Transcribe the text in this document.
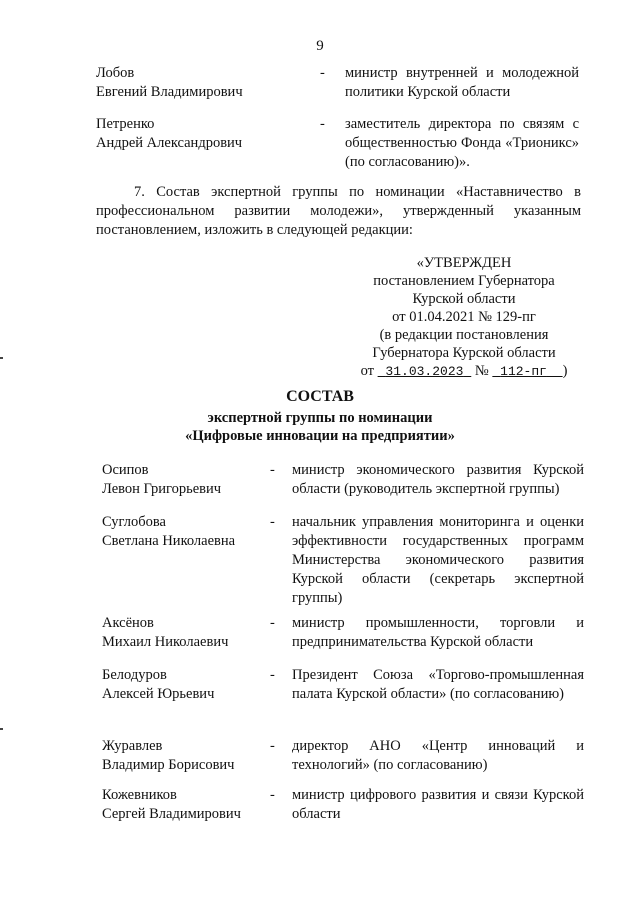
9
Лобов
Евгений Владимирович
- министр внутренней и молодежной политики Курской области
Петренко
Андрей Александрович
- заместитель директора по связям с общественностью Фонда «Трионикс» (по согласованию)».
7. Состав экспертной группы по номинации «Наставничество в профессиональном развитии молодежи», утвержденный указанным постановлением, изложить в следующей редакции:
«УТВЕРЖДЕН
постановлением Губернатора
Курской области
от 01.04.2021 № 129-пг
(в редакции постановления
Губернатора Курской области
от 31.03.2023 № 112-пг )
СОСТАВ
экспертной группы по номинации
«Цифровые инновации на предприятии»
Осипов
Левон Григорьевич
- министр экономического развития Курской области (руководитель экспертной группы)
Суглобова
Светлана Николаевна
- начальник управления мониторинга и оценки эффективности государственных программ Министерства экономического развития Курской области (секретарь экспертной группы)
Аксёнов
Михаил Николаевич
- министр промышленности, торговли и предпринимательства Курской области
Белодуров
Алексей Юрьевич
- Президент Союза «Торгово-промышленная палата Курской области» (по согласованию)
Журавлев
Владимир Борисович
- директор АНО «Центр инноваций и технологий» (по согласованию)
Кожевников
Сергей Владимирович
- министр цифрового развития и связи Курской области
